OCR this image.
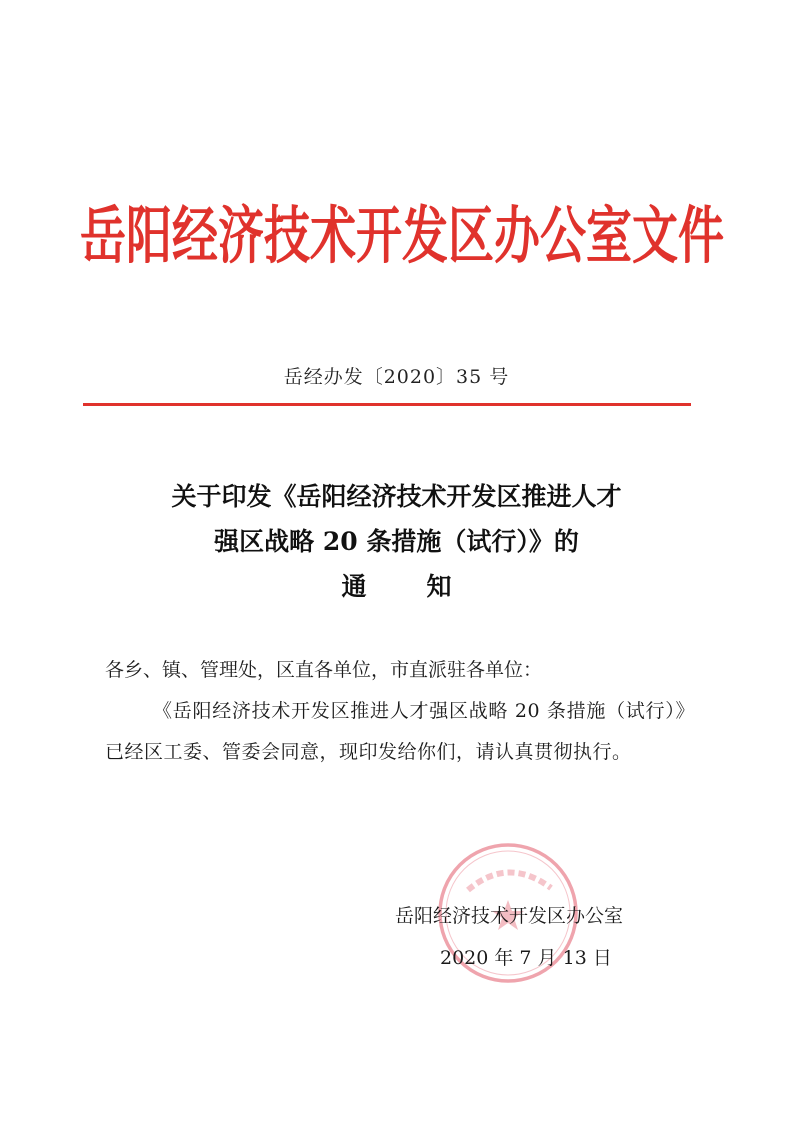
岳阳经济技术开发区办公室文件
岳经办发〔2020〕35 号
关于印发《岳阳经济技术开发区推进人才
强区战略 20 条措施（试行）》的
通知

各乡、镇、管理处，区直各单位，市直派驻各单位：

《岳阳经济技术开发区推进人才强区战略 20 条措施（试行）》已经区工委、管委会同意，现印发给你们，请认真贯彻执行。

岳阳经济技术开发区办公室
2020 年 7 月 13 日
